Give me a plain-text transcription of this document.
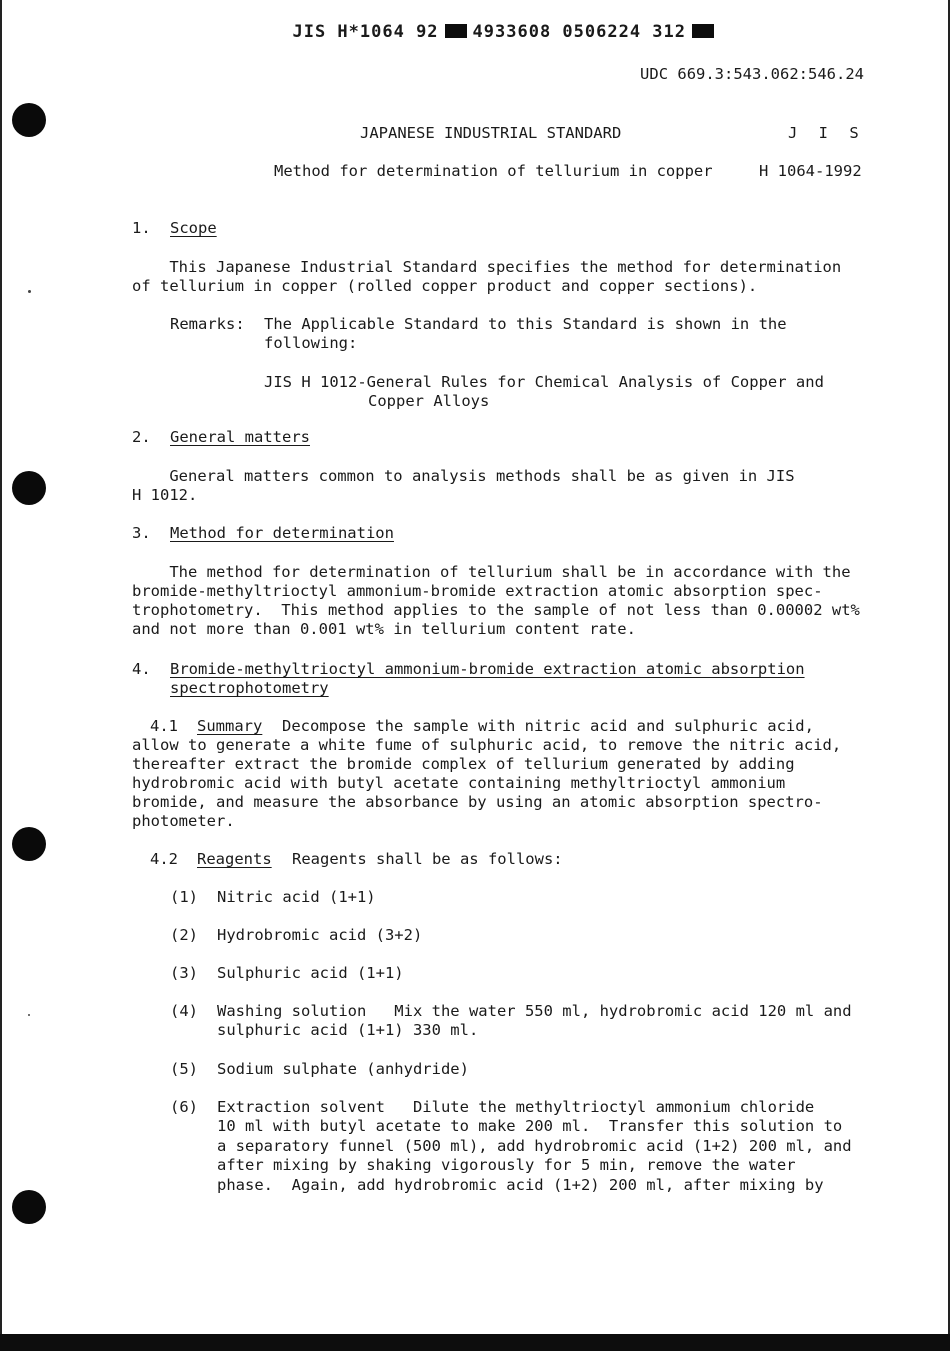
JIS H*1064 92 4933608 0506224 312

UDC 669.3:543.062:546.24
JAPANESE INDUSTRIAL STANDARD	J I S
Method for determination of tellurium in copper	H 1064-1992
1. Scope
This Japanese Industrial Standard specifies the method for determination
of tellurium in copper (rolled copper product and copper sections).
Remarks: The Applicable Standard to this Standard is shown in the
following:
JIS H 1012-General Rules for Chemical Analysis of Copper and
Copper Alloys
2. General matters
General matters common to analysis methods shall be as given in JIS
H 1012.
3. Method for determination
The method for determination of tellurium shall be in accordance with the
bromide-methyltrioctyl ammonium-bromide extraction atomic absorption spec-
trophotometry.  This method applies to the sample of not less than 0.00002 wt%
and not more than 0.001 wt% in tellurium content rate.
4. Bromide-methyltrioctyl ammonium-bromide extraction atomic absorption
spectrophotometry
4.1 Summary Decompose the sample with nitric acid and sulphuric acid,
allow to generate a white fume of sulphuric acid, to remove the nitric acid,
thereafter extract the bromide complex of tellurium generated by adding
hydrobromic acid with butyl acetate containing methyltrioctyl ammonium
bromide, and measure the absorbance by using an atomic absorption spectro-
photometer.
4.2 Reagents Reagents shall be as follows:
(1) Nitric acid (1+1)
(2) Hydrobromic acid (3+2)
(3) Sulphuric acid (1+1)
(4) Washing solution   Mix the water 550 ml, hydrobromic acid 120 ml and
sulphuric acid (1+1) 330 ml.
(5) Sodium sulphate (anhydride)
(6) Extraction solvent   Dilute the methyltrioctyl ammonium chloride
10 ml with butyl acetate to make 200 ml.  Transfer this solution to
a separatory funnel (500 ml), add hydrobromic acid (1+2) 200 ml, and
after mixing by shaking vigorously for 5 min, remove the water
phase.  Again, add hydrobromic acid (1+2) 200 ml, after mixing by
